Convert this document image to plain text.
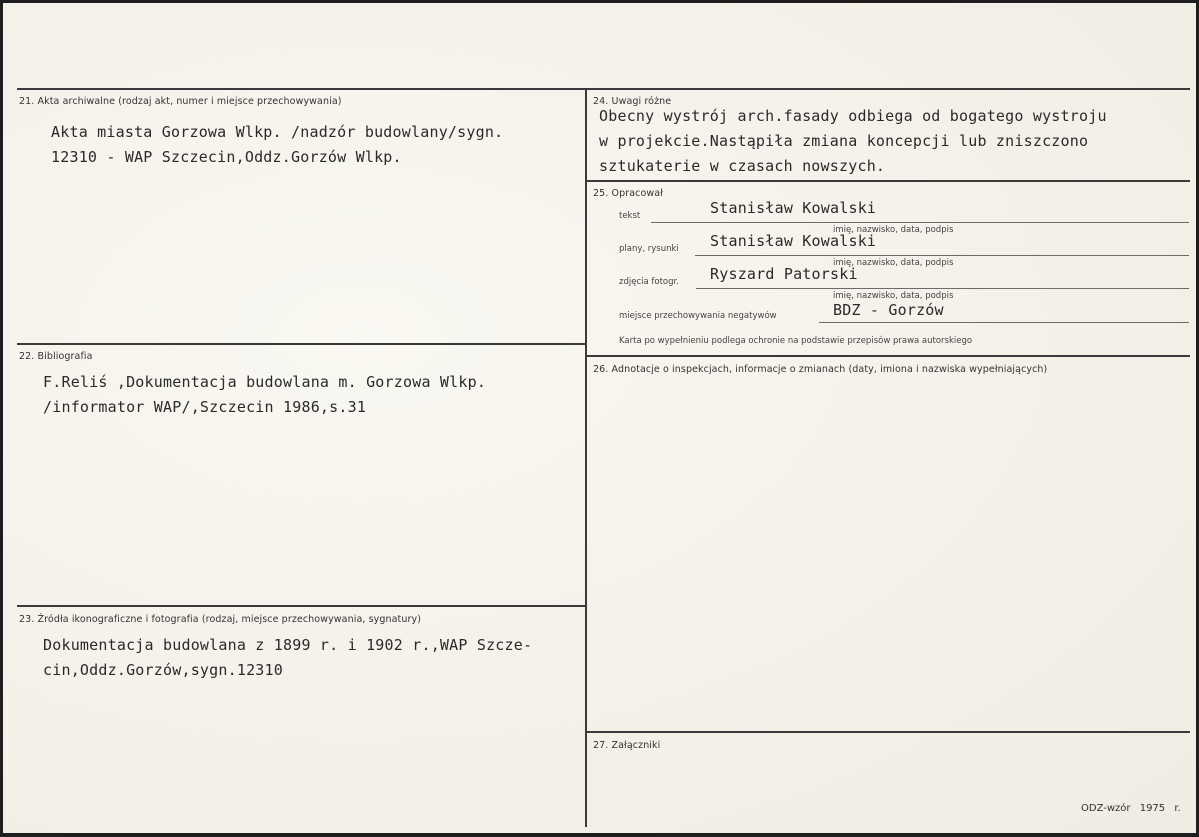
21. Akta archiwalne (rodzaj akt, numer i miejsce przechowywania)
Akta miasta Gorzowa Wlkp. /nadzór budowlany/sygn.
12310 - WAP Szczecin,Oddz.Gorzów Wlkp.
22. Bibliografia
F.Reliś ,Dokumentacja budowlana m. Gorzowa Wlkp.
/informator WAP/,Szczecin 1986,s.31
23. Źródła ikonograficzne i fotografia (rodzaj, miejsce przechowywania, sygnatury)
Dokumentacja budowlana z 1899 r. i 1902 r.,WAP Szcze-
cin,Oddz.Gorzów,sygn.12310
24. Uwagi różne
Obecny wystrój arch.fasady odbiega od bogatego wystroju
w projekcie.Nastąpiła zmiana koncepcji lub zniszczono
sztukaterie w czasach nowszych.
25. Opracował
tekst	Stanisław Kowalski
imię, nazwisko, data, podpis
plany, rysunki Stanisław Kowalski
imię, nazwisko, data, podpis
zdjęcia fotogr. Ryszard Patorski
imię, nazwisko, data, podpis
miejsce przechowywania negatywów	BDZ - Gorzów
Karta po wypełnieniu podlega ochronie na podstawie przepisów prawa autorskiego
26. Adnotacje o inspekcjach, informacje o zmianach (daty, imiona i nazwiska wypełniających)
27. Załączniki
ODZ-wzór 1975 r.
